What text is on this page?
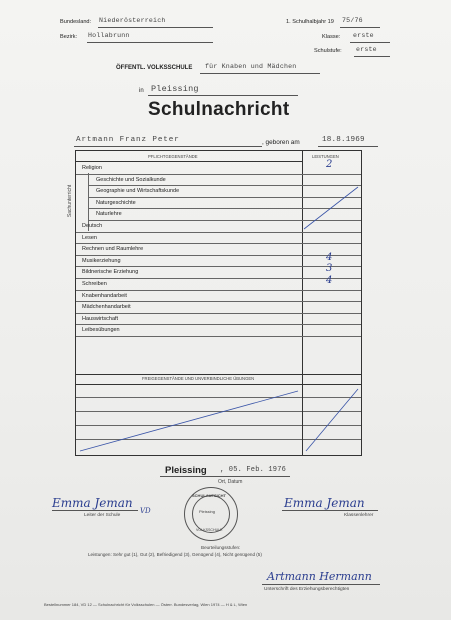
Bundesland: Niederösterreich
Bezirk: Hollabrunn
1. Schulhalbjahr 19 75/76
Klasse: erste
Schulstufe: erste
ÖFFENTL. VOLKSSCHULE für Knaben und Mädchen
in Pleissing
Schulnachricht
Artmann Franz Peter	, geboren am	18.8.1969
PFLICHTGEGENSTÄNDE	LEISTUNGEN
Sachunterricht
Religion	2
Geschichte und Sozialkunde
Geographie und Wirtschaftskunde
Naturgeschichte
Naturlehre
Deutsch
Lesen
Rechnen und Raumlehre
Musikerziehung	4
Bildnerische Erziehung	3
Schreiben	4
Knabenhandarbeit
Mädchenhandarbeit
Hauswirtschaft
Leibesübungen
FREIGEGENSTÄNDE UND UNVERBINDLICHE ÜBUNGEN
Pleissing , 05. Feb. 1976
Ort, Datum
Emma Jeman
VD
Leiter der Schule
Emma Jeman
Klassenlehrer
SCHULAUFSICHT
Pleissing
VOLKSSCHULE
Beurteilungsstufen:
Leistungen: Sehr gut (1), Gut (2), Befriedigend (3), Genügend (4), Nicht genügend (5)
Artmann Hermann
Unterschrift des Erziehungsberechtigten
Bestellnummer 184, VD 12 — Schulnachricht für Volksschulen — Österr. Bundesverlag, Wien 1974 — H & L, Wien
